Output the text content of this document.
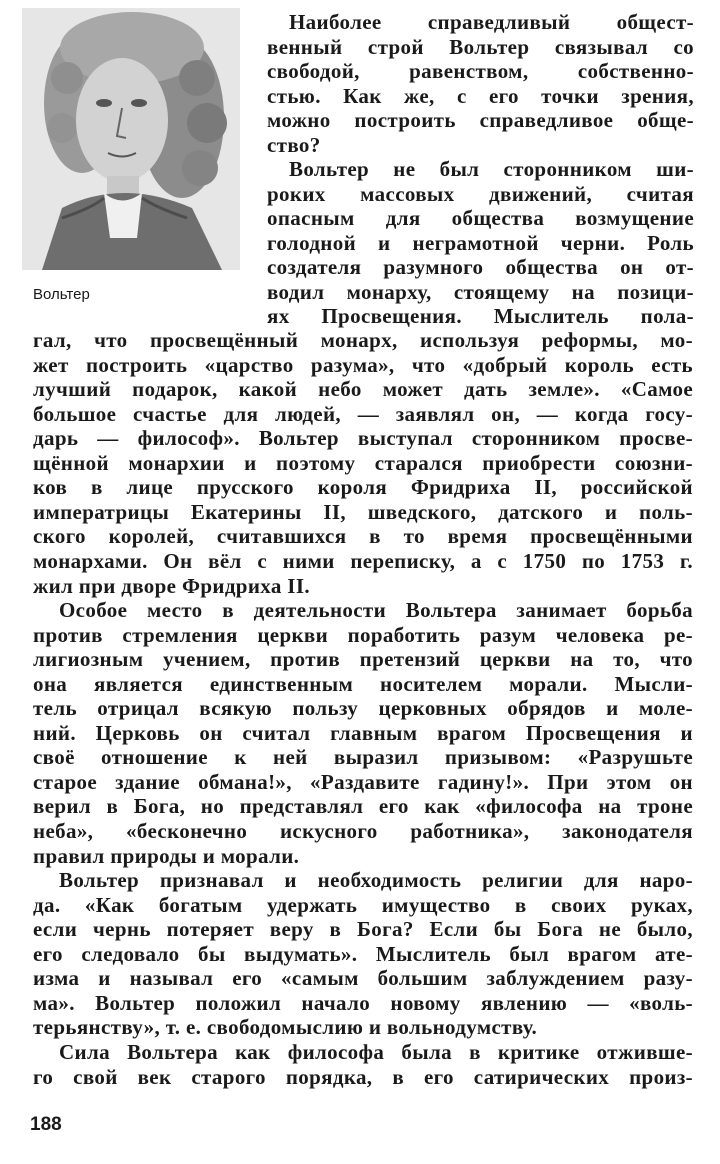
Вольтер
Наиболее справедливый общест-
венный строй Вольтер связывал со
свободой, равенством, собственно-
стью. Как же, с его точки зрения,
можно построить справедливое обще-
ство?
Вольтер не был сторонником ши-
роких массовых движений, считая
опасным для общества возмущение
голодной и неграмотной черни. Роль
создателя разумного общества он от-
водил монарху, стоящему на позици-
ях Просвещения. Мыслитель пола-
гал, что просвещённый монарх, используя реформы, мо-
жет построить «царство разума», что «добрый король есть
лучший подарок, какой небо может дать земле». «Самое
большое счастье для людей, — заявлял он, — когда госу-
дарь — философ». Вольтер выступал сторонником просве-
щённой монархии и поэтому старался приобрести союзни-
ков в лице прусского короля Фридриха II, российской
императрицы Екатерины II, шведского, датского и поль-
ского королей, считавшихся в то время просвещёнными
монархами. Он вёл с ними переписку, а с 1750 по 1753 г.
жил при дворе Фридриха II.
Особое место в деятельности Вольтера занимает борьба
против стремления церкви поработить разум человека ре-
лигиозным учением, против претензий церкви на то, что
она является единственным носителем морали. Мысли-
тель отрицал всякую пользу церковных обрядов и моле-
ний. Церковь он считал главным врагом Просвещения и
своё отношение к ней выразил призывом: «Разрушьте
старое здание обмана!», «Раздавите гадину!». При этом он
верил в Бога, но представлял его как «философа на троне
неба», «бесконечно искусного работника», законодателя
правил природы и морали.
Вольтер признавал и необходимость религии для наро-
да. «Как богатым удержать имущество в своих руках,
если чернь потеряет веру в Бога? Если бы Бога не было,
его следовало бы выдумать». Мыслитель был врагом ате-
изма и называл его «самым большим заблуждением разу-
ма». Вольтер положил начало новому явлению — «воль-
терьянству», т. е. свободомыслию и вольнодумству.
Сила Вольтера как философа была в критике отживше-
го свой век старого порядка, в его сатирических произ-
188
